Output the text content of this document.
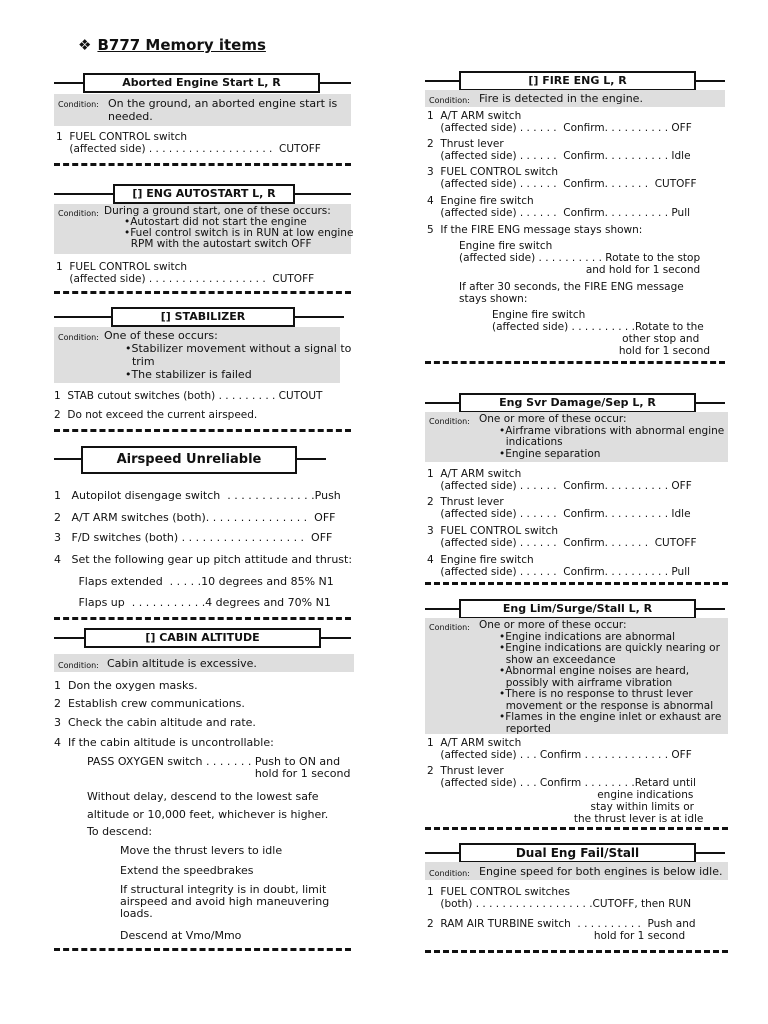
❖ B777 Memory items
Aborted Engine Start L, R
Condition: On the ground, an aborted engine start is
needed.
1  FUEL CONTROL switch
(affected side) . . . . . . . . . . . . . . . . . . .  CUTOFF
[] ENG AUTOSTART L, R
Condition: During a ground start, one of these occurs:
•Autostart did not start the engine
•Fuel control switch is in RUN at low engine
RPM with the autostart switch OFF
1  FUEL CONTROL switch
(affected side) . . . . . . . . . . . . . . . . . .  CUTOFF
[] STABILIZER
Condition: One of these occurs:
•Stabilizer movement without a signal to
trim
•The stabilizer is failed
1  STAB cutout switches (both) . . . . . . . . . CUTOUT
2  Do not exceed the current airspeed.
Airspeed Unreliable
1   Autopilot disengage switch  . . . . . . . . . . . . .Push
2   A/T ARM switches (both). . . . . . . . . . . . . . .  OFF
3   F/D switches (both) . . . . . . . . . . . . . . . . . .  OFF
4   Set the following gear up pitch attitude and thrust:
Flaps extended  . . . . .10 degrees and 85% N1
Flaps up  . . . . . . . . . . .4 degrees and 70% N1
[] CABIN ALTITUDE
Condition: Cabin altitude is excessive.
1  Don the oxygen masks.
2  Establish crew communications.
3  Check the cabin altitude and rate.
4  If the cabin altitude is uncontrollable:
PASS OXYGEN switch . . . . . . . Push to ON and
hold for 1 second
Without delay, descend to the lowest safe
altitude or 10,000 feet, whichever is higher.
To descend:
Move the thrust levers to idle
Extend the speedbrakes
If structural integrity is in doubt, limit
airspeed and avoid high maneuvering
loads.
Descend at Vmo/Mmo
[] FIRE ENG L, R
Condition: Fire is detected in the engine.
1  A/T ARM switch
(affected side) . . . . . .  Confirm. . . . . . . . . . OFF
2  Thrust lever
(affected side) . . . . . .  Confirm. . . . . . . . . . Idle
3  FUEL CONTROL switch
(affected side) . . . . . .  Confirm. . . . . . .  CUTOFF
4  Engine fire switch
(affected side) . . . . . .  Confirm. . . . . . . . . . Pull
5  If the FIRE ENG message stays shown:
Engine fire switch
(affected side) . . . . . . . . . . Rotate to the stop
and hold for 1 second
If after 30 seconds, the FIRE ENG message
stays shown:
Engine fire switch
(affected side) . . . . . . . . . .Rotate to the
other stop and
hold for 1 second
Eng Svr Damage/Sep L, R
Condition: One or more of these occur:
•Airframe vibrations with abnormal engine
indications
•Engine separation
1  A/T ARM switch
(affected side) . . . . . .  Confirm. . . . . . . . . . OFF
2  Thrust lever
(affected side) . . . . . .  Confirm. . . . . . . . . . Idle
3  FUEL CONTROL switch
(affected side) . . . . . .  Confirm. . . . . . .  CUTOFF
4  Engine fire switch
(affected side) . . . . . .  Confirm. . . . . . . . . . Pull
Eng Lim/Surge/Stall L, R
Condition: One or more of these occur:
•Engine indications are abnormal
•Engine indications are quickly nearing or
show an exceedance
•Abnormal engine noises are heard,
possibly with airframe vibration
•There is no response to thrust lever
movement or the response is abnormal
•Flames in the engine inlet or exhaust are
reported
1  A/T ARM switch
(affected side) . . . Confirm . . . . . . . . . . . . . OFF
2  Thrust lever
(affected side) . . . Confirm . . . . . . . .Retard until
engine indications
stay within limits or
the thrust lever is at idle
Dual Eng Fail/Stall
Condition: Engine speed for both engines is below idle.
1  FUEL CONTROL switches
(both) . . . . . . . . . . . . . . . . . .CUTOFF, then RUN
2  RAM AIR TURBINE switch  . . . . . . . . . .  Push and
hold for 1 second
